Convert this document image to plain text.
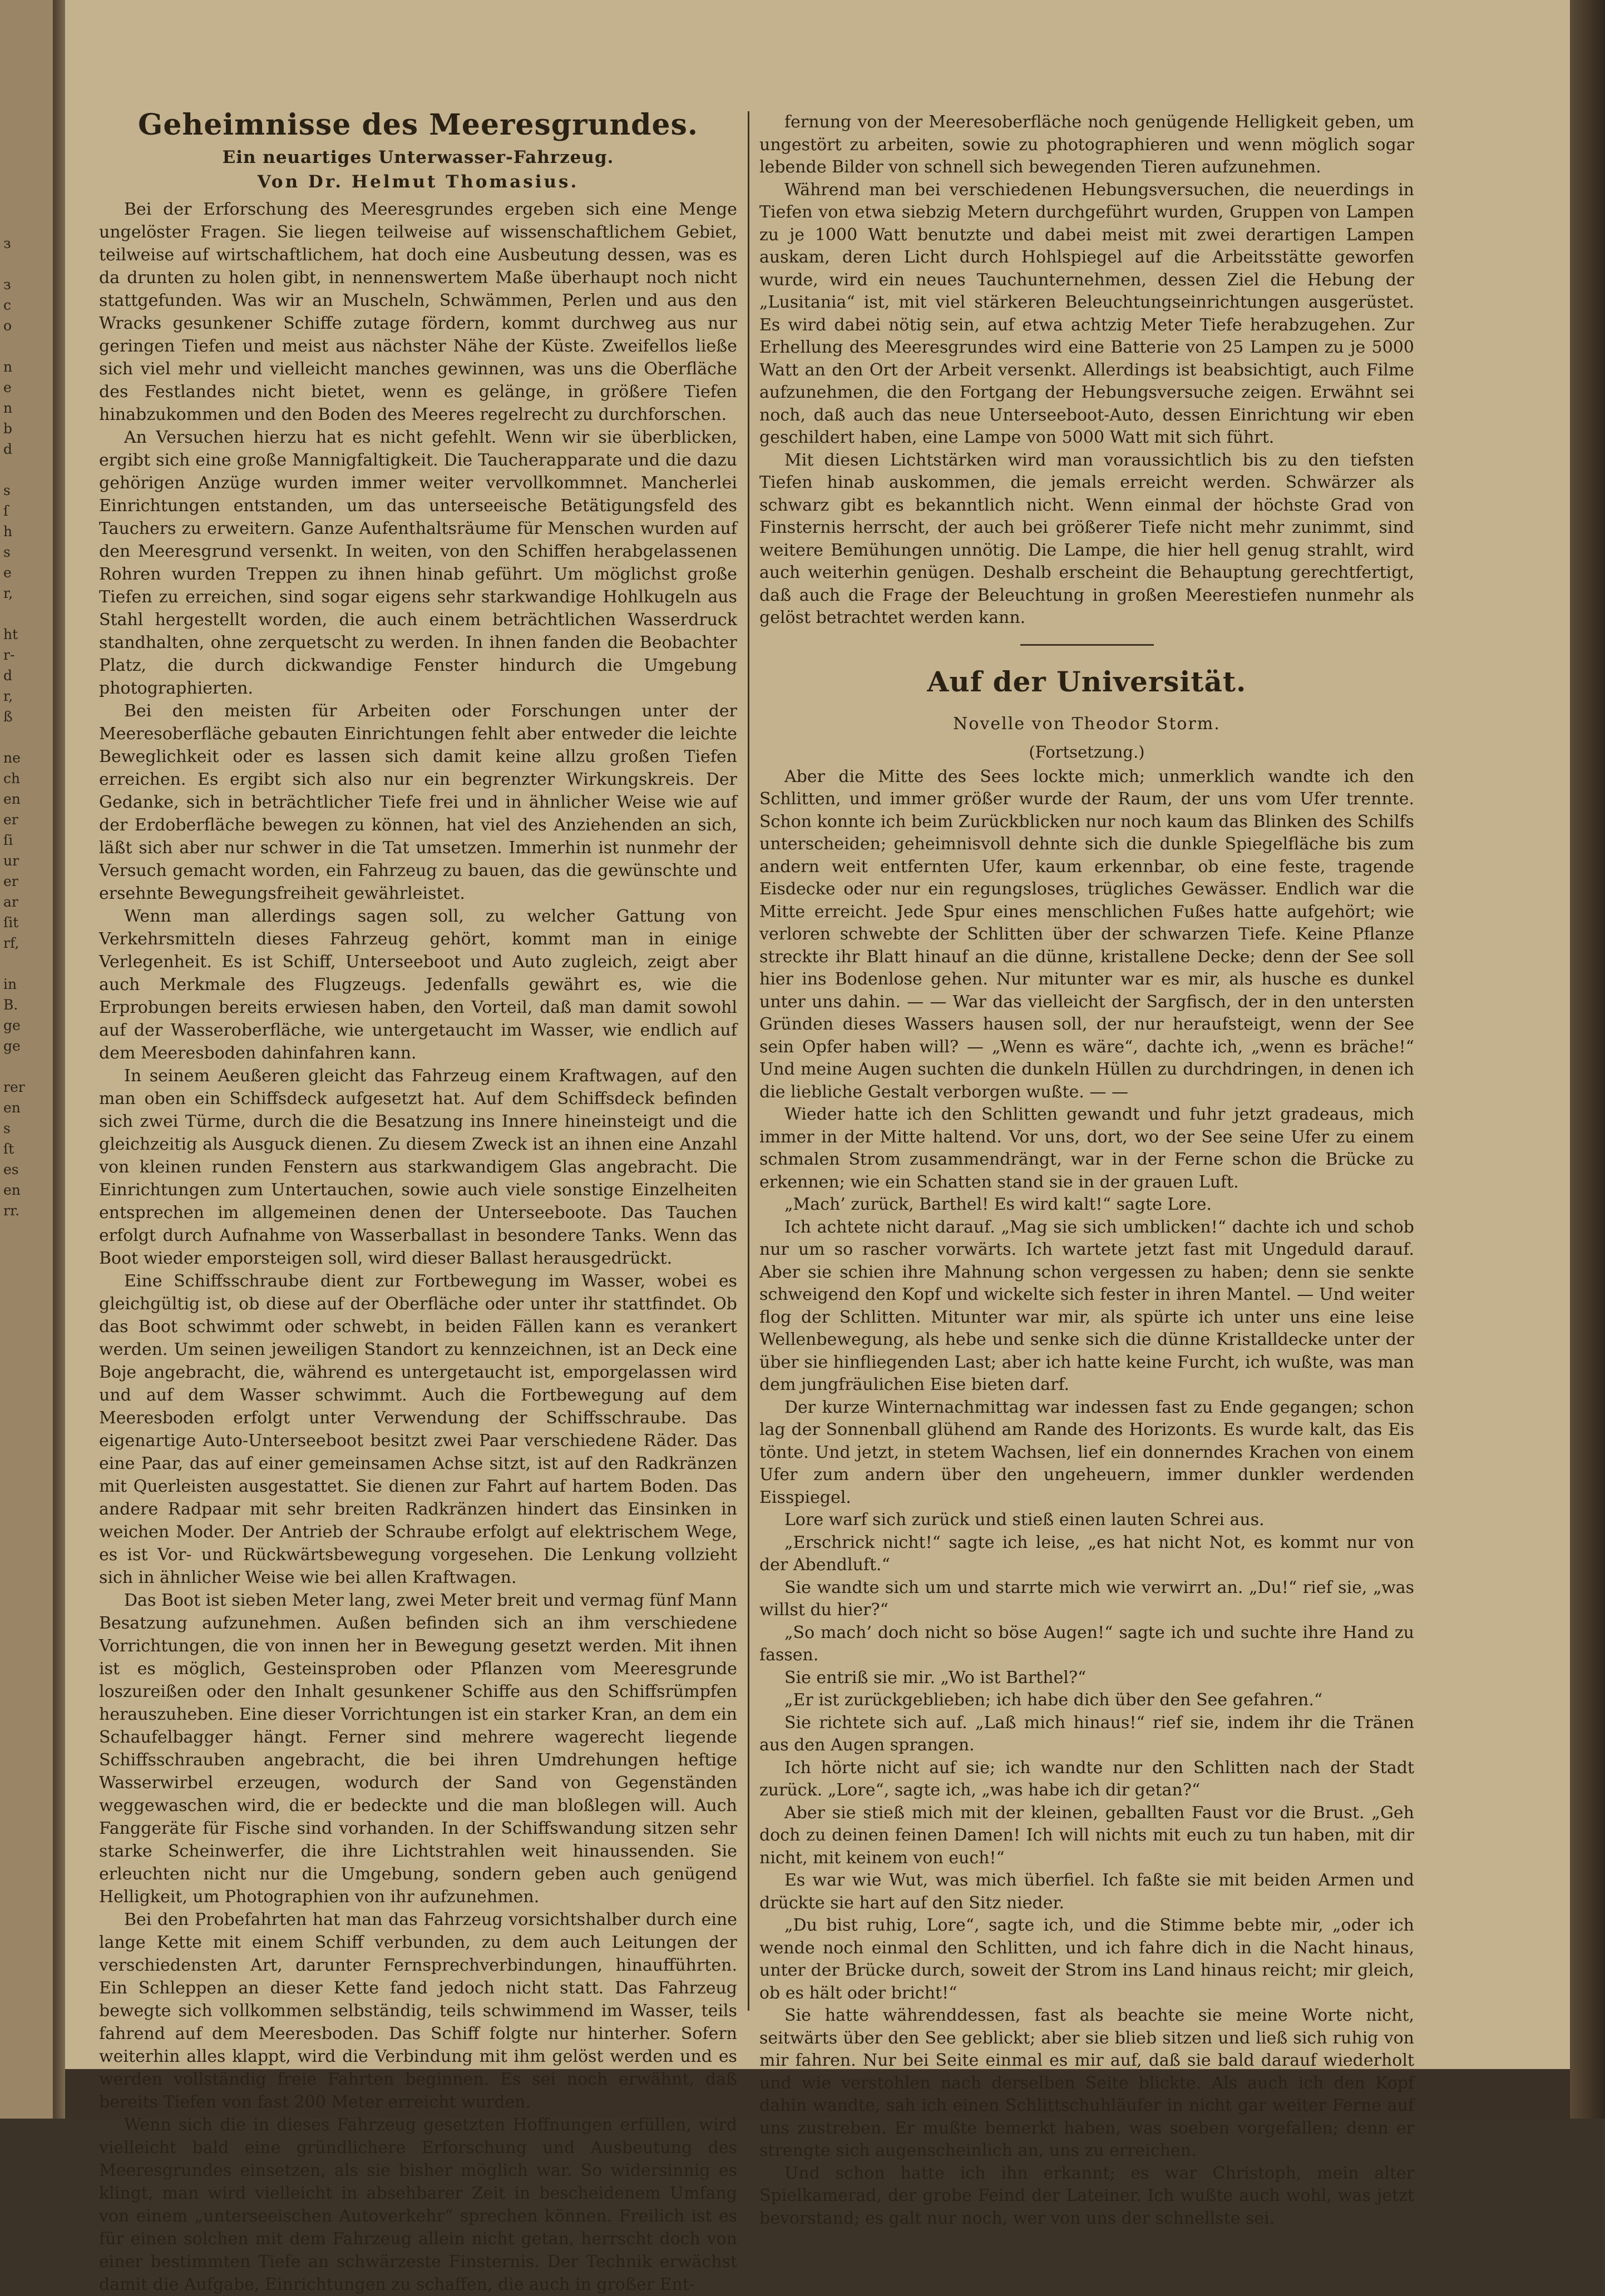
з

з
с
о

n
e
n
b
d

s
ſ
h
s
e
r,

ht
r-
d
r,
ß

ne
ch
en
er
ſi
ur
er
ar
ſit
rf,

in
B.
ge
ge

rer
en
s
ſt
es
en
rr.
Geheimnisse des Meeresgrundes.
Ein neuartiges Unterwasser-Fahrzeug.
Von Dr. Helmut Thomasius.

Bei der Erforschung des Meeresgrundes ergeben sich eine Menge ungelöster Fragen. Sie liegen teilweise auf wissenschaftlichem Gebiet, teilweise auf wirtschaftlichem, hat doch eine Ausbeutung dessen, was es da drunten zu holen gibt, in nennenswertem Maße überhaupt noch nicht stattgefunden. Was wir an Muscheln, Schwämmen, Perlen und aus den Wracks gesunkener Schiffe zutage fördern, kommt durchweg aus nur geringen Tiefen und meist aus nächster Nähe der Küste. Zweifellos ließe sich viel mehr und vielleicht manches gewinnen, was uns die Oberfläche des Festlandes nicht bietet, wenn es gelänge, in größere Tiefen hinabzukommen und den Boden des Meeres regelrecht zu durchforschen.

An Versuchen hierzu hat es nicht gefehlt. Wenn wir sie überblicken, ergibt sich eine große Mannigfaltigkeit. Die Taucherapparate und die dazu gehörigen Anzüge wurden immer weiter vervollkommnet. Mancherlei Einrichtungen entstanden, um das unterseeische Betätigungsfeld des Tauchers zu erweitern. Ganze Aufenthaltsräume für Menschen wurden auf den Meeresgrund versenkt. In weiten, von den Schiffen herabgelassenen Rohren wurden Treppen zu ihnen hinab geführt. Um möglichst große Tiefen zu erreichen, sind sogar eigens sehr starkwandige Hohlkugeln aus Stahl hergestellt worden, die auch einem beträchtlichen Wasserdruck standhalten, ohne zerquetscht zu werden. In ihnen fanden die Beobachter Platz, die durch dickwandige Fenster hindurch die Umgebung photographierten.

Bei den meisten für Arbeiten oder Forschungen unter der Meeresoberfläche gebauten Einrichtungen fehlt aber entweder die leichte Beweglichkeit oder es lassen sich damit keine allzu großen Tiefen erreichen. Es ergibt sich also nur ein begrenzter Wirkungskreis. Der Gedanke, sich in beträchtlicher Tiefe frei und in ähnlicher Weise wie auf der Erdoberfläche bewegen zu können, hat viel des Anziehenden an sich, läßt sich aber nur schwer in die Tat umsetzen. Immerhin ist nunmehr der Versuch gemacht worden, ein Fahrzeug zu bauen, das die gewünschte und ersehnte Bewegungsfreiheit gewährleistet.

Wenn man allerdings sagen soll, zu welcher Gattung von Verkehrsmitteln dieses Fahrzeug gehört, kommt man in einige Verlegenheit. Es ist Schiff, Unterseeboot und Auto zugleich, zeigt aber auch Merkmale des Flugzeugs. Jedenfalls gewährt es, wie die Erprobungen bereits erwiesen haben, den Vorteil, daß man damit sowohl auf der Wasseroberfläche, wie untergetaucht im Wasser, wie endlich auf dem Meeresboden dahinfahren kann.

In seinem Aeußeren gleicht das Fahrzeug einem Kraftwagen, auf den man oben ein Schiffsdeck aufgesetzt hat. Auf dem Schiffsdeck befinden sich zwei Türme, durch die die Besatzung ins Innere hineinsteigt und die gleichzeitig als Ausguck dienen. Zu diesem Zweck ist an ihnen eine Anzahl von kleinen runden Fenstern aus starkwandigem Glas angebracht. Die Einrichtungen zum Untertauchen, sowie auch viele sonstige Einzelheiten entsprechen im allgemeinen denen der Unterseeboote. Das Tauchen erfolgt durch Aufnahme von Wasserballast in besondere Tanks. Wenn das Boot wieder emporsteigen soll, wird dieser Ballast herausgedrückt.

Eine Schiffsschraube dient zur Fortbewegung im Wasser, wobei es gleichgültig ist, ob diese auf der Oberfläche oder unter ihr stattfindet. Ob das Boot schwimmt oder schwebt, in beiden Fällen kann es verankert werden. Um seinen jeweiligen Standort zu kennzeichnen, ist an Deck eine Boje angebracht, die, während es untergetaucht ist, emporgelassen wird und auf dem Wasser schwimmt. Auch die Fortbewegung auf dem Meeresboden erfolgt unter Verwendung der Schiffsschraube. Das eigenartige Auto-Unterseeboot besitzt zwei Paar verschiedene Räder. Das eine Paar, das auf einer gemeinsamen Achse sitzt, ist auf den Radkränzen mit Querleisten ausgestattet. Sie dienen zur Fahrt auf hartem Boden. Das andere Radpaar mit sehr breiten Radkränzen hindert das Einsinken in weichen Moder. Der Antrieb der Schraube erfolgt auf elektrischem Wege, es ist Vor- und Rückwärtsbewegung vorgesehen. Die Lenkung vollzieht sich in ähnlicher Weise wie bei allen Kraftwagen.

Das Boot ist sieben Meter lang, zwei Meter breit und vermag fünf Mann Besatzung aufzunehmen. Außen befinden sich an ihm verschiedene Vorrichtungen, die von innen her in Bewegung gesetzt werden. Mit ihnen ist es möglich, Gesteinsproben oder Pflanzen vom Meeresgrunde loszureißen oder den Inhalt gesunkener Schiffe aus den Schiffsrümpfen herauszuheben. Eine dieser Vorrichtungen ist ein starker Kran, an dem ein Schaufelbagger hängt. Ferner sind mehrere wagerecht liegende Schiffsschrauben angebracht, die bei ihren Umdrehungen heftige Wasserwirbel erzeugen, wodurch der Sand von Gegenständen weggewaschen wird, die er bedeckte und die man bloßlegen will. Auch Fanggeräte für Fische sind vorhanden. In der Schiffswandung sitzen sehr starke Scheinwerfer, die ihre Lichtstrahlen weit hinaussenden. Sie erleuchten nicht nur die Umgebung, sondern geben auch genügend Helligkeit, um Photographien von ihr aufzunehmen.

Bei den Probefahrten hat man das Fahrzeug vorsichtshalber durch eine lange Kette mit einem Schiff verbunden, zu dem auch Leitungen der verschiedensten Art, darunter Fernsprechverbindungen, hinaufführten. Ein Schleppen an dieser Kette fand jedoch nicht statt. Das Fahrzeug bewegte sich vollkommen selbständig, teils schwimmend im Wasser, teils fahrend auf dem Meeresboden. Das Schiff folgte nur hinterher. Sofern weiterhin alles klappt, wird die Verbindung mit ihm gelöst werden und es werden vollständig freie Fahrten beginnen. Es sei noch erwähnt, daß bereits Tiefen von fast 200 Meter erreicht wurden.

Wenn sich die in dieses Fahrzeug gesetzten Hoffnungen erfüllen, wird vielleicht bald eine gründlichere Erforschung und Ausbeutung des Meeresgrundes einsetzen, als sie bisher möglich war. So widersinnig es klingt, man wird vielleicht in absehbarer Zeit in bescheidenem Umfang von einem „unterseeischen Autoverkehr“ sprechen können. Freilich ist es für einen solchen mit dem Fahrzeug allein nicht getan, herrscht doch von einer bestimmten Tiefe an schwärzeste Finsternis. Der Technik erwächst damit die Aufgabe, Einrichtungen zu schaffen, die auch in großer Ent-

fernung von der Meeresoberfläche noch genügende Helligkeit geben, um ungestört zu arbeiten, sowie zu photographieren und wenn möglich sogar lebende Bilder von schnell sich bewegenden Tieren aufzunehmen.

Während man bei verschiedenen Hebungsversuchen, die neuerdings in Tiefen von etwa siebzig Metern durchgeführt wurden, Gruppen von Lampen zu je 1000 Watt benutzte und dabei meist mit zwei derartigen Lampen auskam, deren Licht durch Hohlspiegel auf die Arbeitsstätte geworfen wurde, wird ein neues Tauchunternehmen, dessen Ziel die Hebung der „Lusitania“ ist, mit viel stärkeren Beleuchtungseinrichtungen ausgerüstet. Es wird dabei nötig sein, auf etwa achtzig Meter Tiefe herabzugehen. Zur Erhellung des Meeresgrundes wird eine Batterie von 25 Lampen zu je 5000 Watt an den Ort der Arbeit versenkt. Allerdings ist beabsichtigt, auch Filme aufzunehmen, die den Fortgang der Hebungsversuche zeigen. Erwähnt sei noch, daß auch das neue Unterseeboot-Auto, dessen Einrichtung wir eben geschildert haben, eine Lampe von 5000 Watt mit sich führt.

Mit diesen Lichtstärken wird man voraussichtlich bis zu den tiefsten Tiefen hinab auskommen, die jemals erreicht werden. Schwärzer als schwarz gibt es bekanntlich nicht. Wenn einmal der höchste Grad von Finsternis herrscht, der auch bei größerer Tiefe nicht mehr zunimmt, sind weitere Bemühungen unnötig. Die Lampe, die hier hell genug strahlt, wird auch weiterhin genügen. Deshalb erscheint die Behauptung gerechtfertigt, daß auch die Frage der Beleuchtung in großen Meerestiefen nunmehr als gelöst betrachtet werden kann.

Auf der Universität.
Novelle von Theodor Storm.
(Fortsetzung.)

Aber die Mitte des Sees lockte mich; unmerklich wandte ich den Schlitten, und immer größer wurde der Raum, der uns vom Ufer trennte. Schon konnte ich beim Zurückblicken nur noch kaum das Blinken des Schilfs unterscheiden; geheimnisvoll dehnte sich die dunkle Spiegelfläche bis zum andern weit entfernten Ufer, kaum erkennbar, ob eine feste, tragende Eisdecke oder nur ein regungsloses, trügliches Gewässer. Endlich war die Mitte erreicht. Jede Spur eines menschlichen Fußes hatte aufgehört; wie verloren schwebte der Schlitten über der schwarzen Tiefe. Keine Pflanze streckte ihr Blatt hinauf an die dünne, kristallene Decke; denn der See soll hier ins Bodenlose gehen. Nur mitunter war es mir, als husche es dunkel unter uns dahin. — — War das vielleicht der Sargfisch, der in den untersten Gründen dieses Wassers hausen soll, der nur heraufsteigt, wenn der See sein Opfer haben will? — „Wenn es wäre“, dachte ich, „wenn es bräche!“ Und meine Augen suchten die dunkeln Hüllen zu durchdringen, in denen ich die liebliche Gestalt verborgen wußte. — —

Wieder hatte ich den Schlitten gewandt und fuhr jetzt gradeaus, mich immer in der Mitte haltend. Vor uns, dort, wo der See seine Ufer zu einem schmalen Strom zusammendrängt, war in der Ferne schon die Brücke zu erkennen; wie ein Schatten stand sie in der grauen Luft.

„Mach’ zurück, Barthel! Es wird kalt!“ sagte Lore.

Ich achtete nicht darauf. „Mag sie sich umblicken!“ dachte ich und schob nur um so rascher vorwärts. Ich wartete jetzt fast mit Ungeduld darauf. Aber sie schien ihre Mahnung schon vergessen zu haben; denn sie senkte schweigend den Kopf und wickelte sich fester in ihren Mantel. — Und weiter flog der Schlitten. Mitunter war mir, als spürte ich unter uns eine leise Wellenbewegung, als hebe und senke sich die dünne Kristalldecke unter der über sie hinfliegenden Last; aber ich hatte keine Furcht, ich wußte, was man dem jungfräulichen Eise bieten darf.

Der kurze Winternachmittag war indessen fast zu Ende gegangen; schon lag der Sonnenball glühend am Rande des Horizonts. Es wurde kalt, das Eis tönte. Und jetzt, in stetem Wachsen, lief ein donnerndes Krachen von einem Ufer zum andern über den ungeheuern, immer dunkler werdenden Eisspiegel.

Lore warf sich zurück und stieß einen lauten Schrei aus.

„Erschrick nicht!“ sagte ich leise, „es hat nicht Not, es kommt nur von der Abendluft.“

Sie wandte sich um und starrte mich wie verwirrt an. „Du!“ rief sie, „was willst du hier?“

„So mach’ doch nicht so böse Augen!“ sagte ich und suchte ihre Hand zu fassen.

Sie entriß sie mir. „Wo ist Barthel?“

„Er ist zurückgeblieben; ich habe dich über den See gefahren.“

Sie richtete sich auf. „Laß mich hinaus!“ rief sie, indem ihr die Tränen aus den Augen sprangen.

Ich hörte nicht auf sie; ich wandte nur den Schlitten nach der Stadt zurück. „Lore“, sagte ich, „was habe ich dir getan?“

Aber sie stieß mich mit der kleinen, geballten Faust vor die Brust. „Geh doch zu deinen feinen Damen! Ich will nichts mit euch zu tun haben, mit dir nicht, mit keinem von euch!“

Es war wie Wut, was mich überfiel. Ich faßte sie mit beiden Armen und drückte sie hart auf den Sitz nieder.

„Du bist ruhig, Lore“, sagte ich, und die Stimme bebte mir, „oder ich wende noch einmal den Schlitten, und ich fahre dich in die Nacht hinaus, unter der Brücke durch, soweit der Strom ins Land hinaus reicht; mir gleich, ob es hält oder bricht!“

Sie hatte währenddessen, fast als beachte sie meine Worte nicht, seitwärts über den See geblickt; aber sie blieb sitzen und ließ sich ruhig von mir fahren. Nur bei Seite einmal es mir auf, daß sie bald darauf wiederholt und wie verstohlen nach derselben Seite blickte. Als auch ich den Kopf dahin wandte, sah ich einen Schlittschuhläufer in nicht gar weiter Ferne auf uns zustreben. Er mußte bemerkt haben, was soeben vorgefallen; denn er strengte sich augenscheinlich an, uns zu erreichen.

Und schon hatte ich ihn erkannt; es war Christoph, mein alter Spielkamerad, der grobe Feind der Lateiner. Ich wußte auch wohl, was jetzt bevorstand; es galt nur noch, wer von uns der schnellste sei.
